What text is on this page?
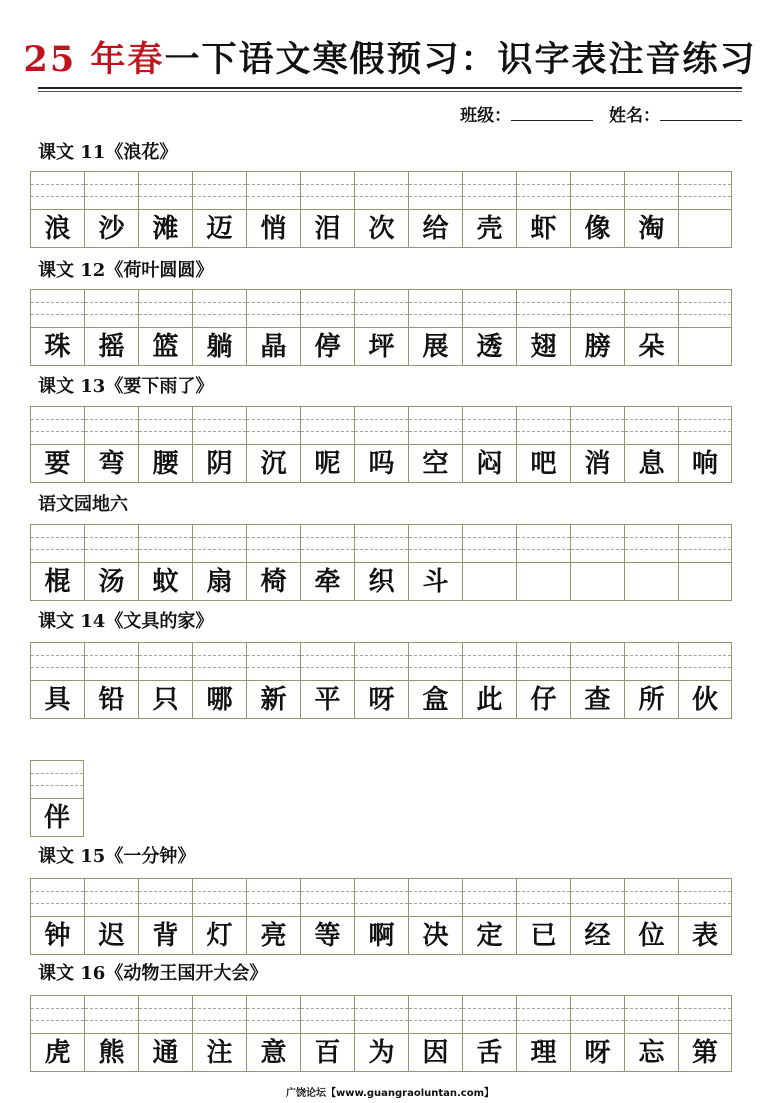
25 年春一下语文寒假预习：识字表注音练习
班级：	姓名：
课文 11《浪花》
浪	沙	滩	迈	悄	泪	次	给	壳	虾	像	淘
课文 12《荷叶圆圆》
珠	摇	篮	躺	晶	停	坪	展	透	翅	膀	朵
课文 13《要下雨了》
要	弯	腰	阴	沉	呢	吗	空	闷	吧	消	息	响
语文园地六
棍	汤	蚊	扇	椅	牵	织	斗
课文 14《文具的家》
具	铅	只	哪	新	平	呀	盒	此	仔	查	所	伙
伴
课文 15《一分钟》
钟	迟	背	灯	亮	等	啊	决	定	已	经	位	表
课文 16《动物王国开大会》
虎	熊	通	注	意	百	为	因	舌	理	呀	忘	第
广饶论坛【www.guangraoluntan.com】
